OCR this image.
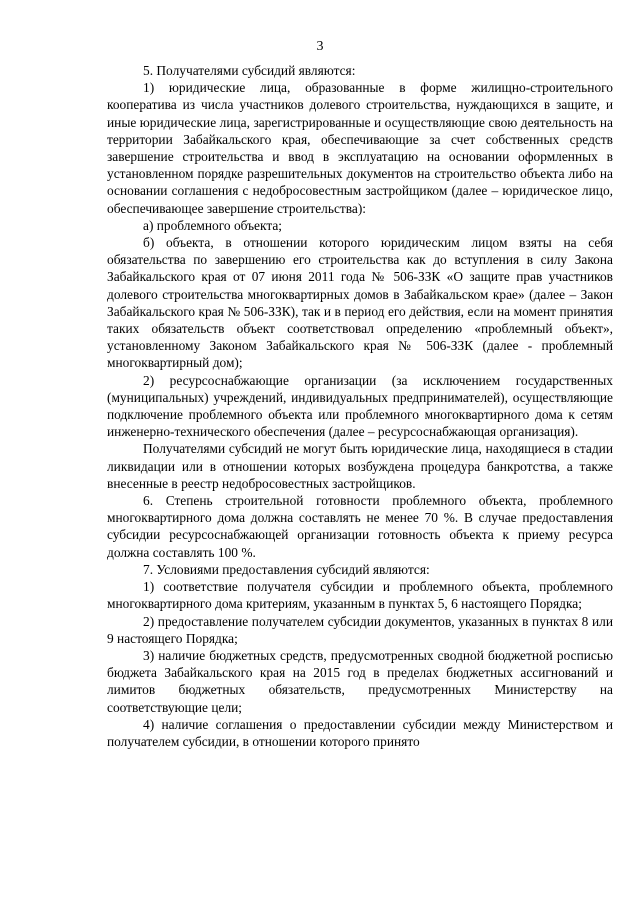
3

5. Получателями субсидий являются:

1) юридические лица, образованные в форме жилищно-строительного кооператива из числа участников долевого строительства, нуждающихся в защите, и иные юридические лица, зарегистрированные и осуществляющие свою деятельность на территории Забайкальского края, обеспечивающие за счет собственных средств завершение строительства и ввод в эксплуатацию на основании оформленных в установленном порядке разрешительных документов на строительство объекта либо на основании соглашения с недобросовестным застройщиком (далее – юридическое лицо, обеспечивающее завершение строительства):

а) проблемного объекта;

б) объекта, в отношении которого юридическим лицом взяты на себя обязательства по завершению его строительства как до вступления в силу Закона Забайкальского края от 07 июня 2011 года № 506-ЗЗК «О защите прав участников долевого строительства многоквартирных домов в Забайкальском крае» (далее – Закон Забайкальского края № 506-ЗЗК), так и в период его действия, если на момент принятия таких обязательств объект соответствовал определению «проблемный объект», установленному Законом Забайкальского края № 506-ЗЗК (далее - проблемный многоквартирный дом);

2) ресурсоснабжающие организации (за исключением государственных (муниципальных) учреждений, индивидуальных предпринимателей), осуществляющие подключение проблемного объекта или проблемного многоквартирного дома к сетям инженерно-технического обеспечения (далее – ресурсоснабжающая организация).

Получателями субсидий не могут быть юридические лица, находящиеся в стадии ликвидации или в отношении которых возбуждена процедура банкротства, а также внесенные в реестр недобросовестных застройщиков.

6. Степень строительной готовности проблемного объекта, проблемного многоквартирного дома должна составлять не менее 70 %. В случае предоставления субсидии ресурсоснабжающей организации готовность объекта к приему ресурса должна составлять 100 %.

7. Условиями предоставления субсидий являются:

1) соответствие получателя субсидии и проблемного объекта, проблемного многоквартирного дома критериям, указанным в пунктах 5, 6 настоящего Порядка;

2) предоставление получателем субсидии документов, указанных в пунктах 8 или 9 настоящего Порядка;

3) наличие бюджетных средств, предусмотренных сводной бюджетной росписью бюджета Забайкальского края на 2015 год в пределах бюджетных ассигнований и лимитов бюджетных обязательств, предусмотренных Министерству на соответствующие цели;

4) наличие соглашения о предоставлении субсидии между Министерством и получателем субсидии, в отношении которого принято
